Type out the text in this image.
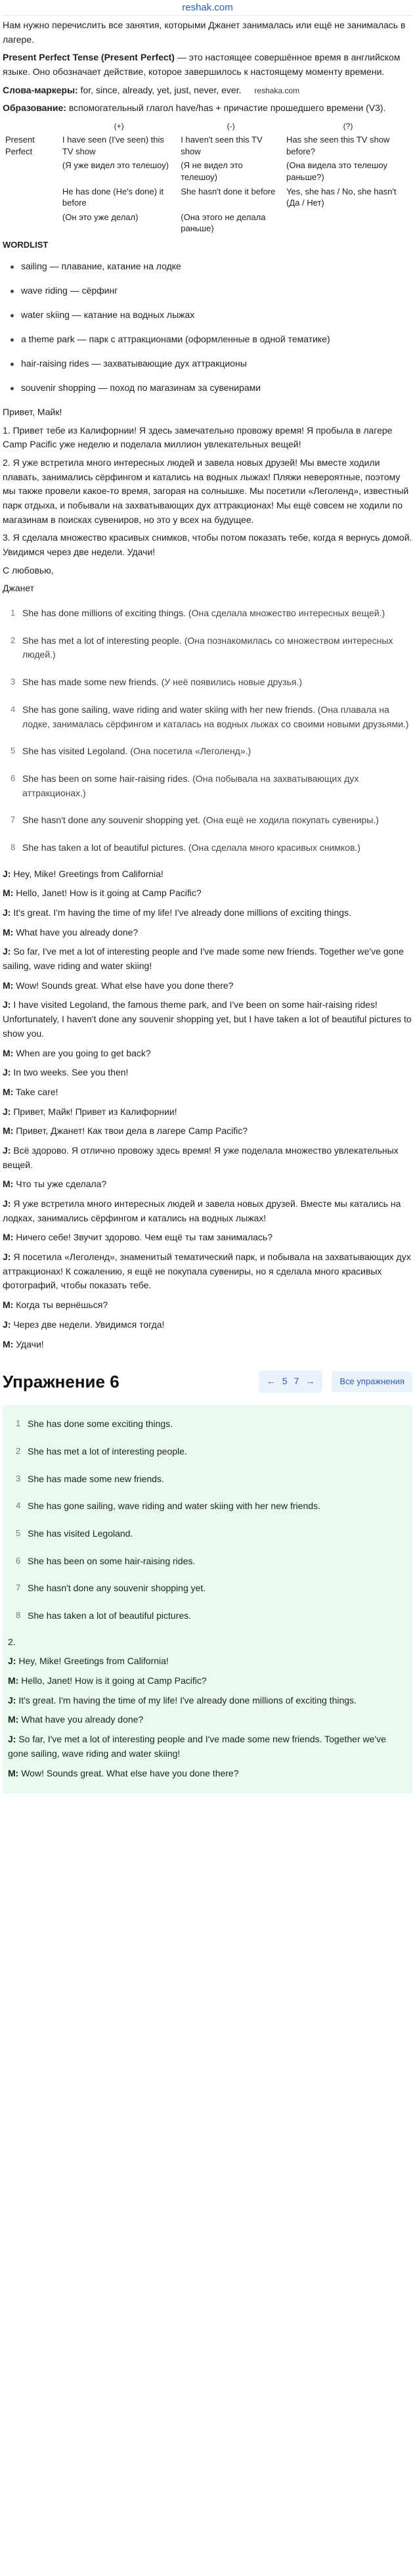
reshak.com

Нам нужно перечислить все занятия, которыми Джанет занималась или ещё не занималась в лагере.

Present Perfect Tense (Present Perfect) — это настоящее совершённое время в английском языке. Оно обозначает действие, которое завершилось к настоящему моменту времени.

Слова-маркеры: for, since, already, yet, just, never, ever. reshaka.com

Образование: вспомогательный глагол have/has + причастие прошедшего времени (V3).

	(+)	(-)	(?)
Present Perfect	I have seen (I've seen) this TV show	I haven't seen this TV show	Has she seen this TV show before?
	(Я уже видел это телешоу)	(Я не видел это телешоу)	(Она видела это телешоу раньше?)
	He has done (He's done) it before	She hasn't done it before	Yes, she has / No, she hasn't (Да / Нет)
	(Он это уже делал)	(Она этого не делала раньше)	
WORDLIST
sailing — плавание, катание на лодке
wave riding — сёрфинг
water skiing — катание на водных лыжах
a theme park — парк с аттракционами (оформленные в одной тематике)
hair-raising rides — захватывающие дух аттракционы
souvenir shopping — поход по магазинам за сувенирами

Привет, Майк!

1. Привет тебе из Калифорнии! Я здесь замечательно провожу время! Я пробыла в лагере Camp Pacific уже неделю и поделала миллион увлекательных вещей!

2. Я уже встретила много интересных людей и завела новых друзей! Мы вместе ходили плавать, занимались сёрфингом и катались на водных лыжах! Пляжи невероятные, поэтому мы также провели какое-то время, загорая на солнышке. Мы посетили «Леголенд», известный парк отдыха, и побывали на захватывающих дух аттракционах! Мы ещё совсем не ходили по магазинам в поисках сувениров, но это у всех на будущее.

3. Я сделала множество красивых снимков, чтобы потом показать тебе, когда я вернусь домой. Увидимся через две недели. Удачи!

С любовью,

Джанет

1 She has done millions of exciting things. (Она сделала множество интересных вещей.)
2 She has met a lot of interesting people. (Она познакомилась со множеством интересных людей.)
3 She has made some new friends. (У неё появились новые друзья.)
4 She has gone sailing, wave riding and water skiing with her new friends. (Она плавала на лодке, занималась сёрфингом и каталась на водных лыжах со своими новыми друзьями.)
5 She has visited Legoland. (Она посетила «Леголенд».)
6 She has been on some hair-raising rides. (Она побывала на захватывающих дух аттракционах.)
7 She hasn't done any souvenir shopping yet. (Она ещё не ходила покупать сувениры.)
8 She has taken a lot of beautiful pictures. (Она сделала много красивых снимков.)

J: Hey, Mike! Greetings from California!

M: Hello, Janet! How is it going at Camp Pacific?

J: It's great. I'm having the time of my life! I've already done millions of exciting things.

M: What have you already done?

J: So far, I've met a lot of interesting people and I've made some new friends. Together we've gone sailing, wave riding and water skiing!

M: Wow! Sounds great. What else have you done there?

J: I have visited Legoland, the famous theme park, and I've been on some hair-raising rides! Unfortunately, I haven't done any souvenir shopping yet, but I have taken a lot of beautiful pictures to show you.

M: When are you going to get back?

J: In two weeks. See you then!

M: Take care!

J: Привет, Майк! Привет из Калифорнии!

M: Привет, Джанет! Как твои дела в лагере Camp Pacific?

J: Всё здорово. Я отлично провожу здесь время! Я уже поделала множество увлекательных вещей.

M: Что ты уже сделала?

J: Я уже встретила много интересных людей и завела новых друзей. Вместе мы катались на лодках, занимались сёрфингом и катались на водных лыжах!

M: Ничего себе! Звучит здорово. Чем ещё ты там занималась?

J: Я посетила «Леголенд», знаменитый тематический парк, и побывала на захватывающих дух аттракционах! К сожалению, я ещё не покупала сувениры, но я сделала много красивых фотографий, чтобы показать тебе.

M: Когда ты вернёшься?

J: Через две недели. Увидимся тогда!

M: Удачи!

Упражнение 6	← 5 7 →	Все упражнения
1 She has done some exciting things.
2 She has met a lot of interesting people.
3 She has made some new friends.
4 She has gone sailing, wave riding and water skiing with her new friends.
5 She has visited Legoland.
6 She has been on some hair-raising rides.
7 She hasn't done any souvenir shopping yet.
8 She has taken a lot of beautiful pictures.

2.

J: Hey, Mike! Greetings from California!

M: Hello, Janet! How is it going at Camp Pacific?

J: It's great. I'm having the time of my life! I've already done millions of exciting things.

M: What have you already done?

J: So far, I've met a lot of interesting people and I've made some new friends. Together we've gone sailing, wave riding and water skiing!

M: Wow! Sounds great. What else have you done there?
